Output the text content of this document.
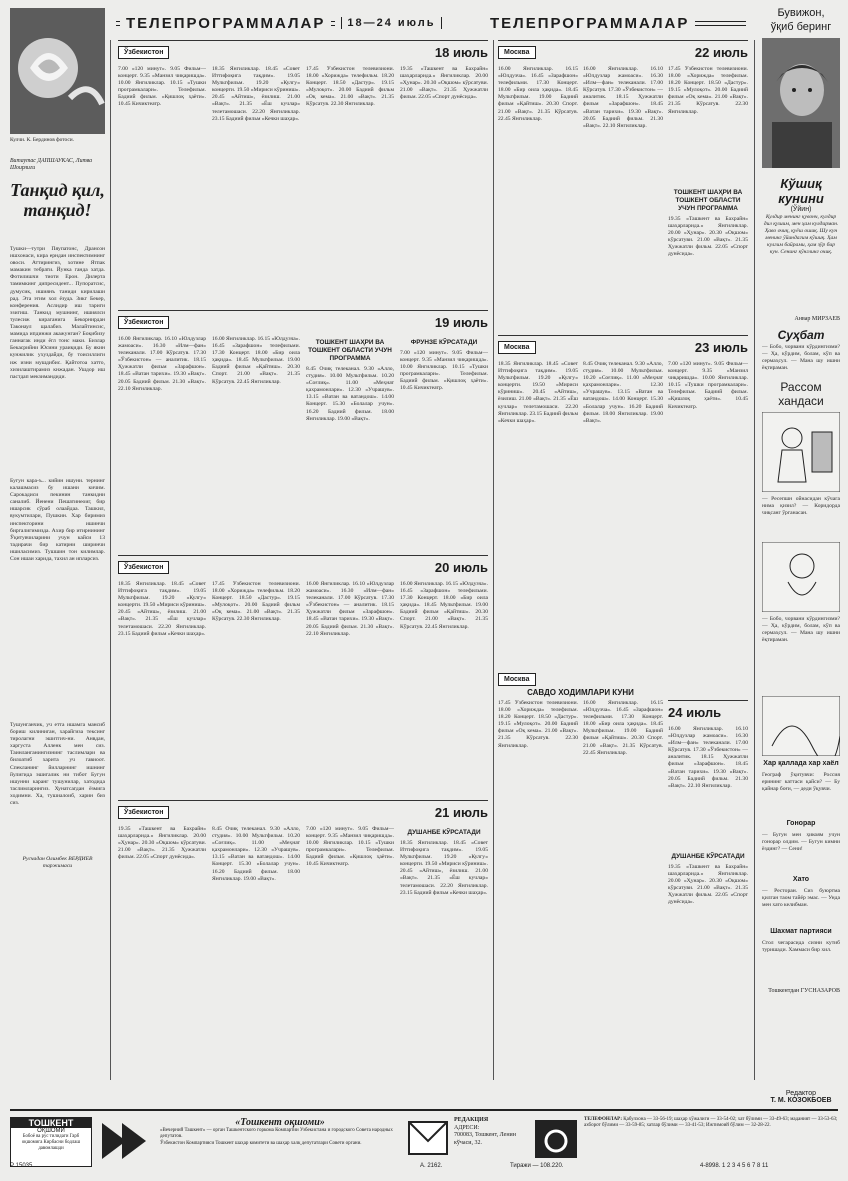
ТЕЛЕПРОГРАММАЛАР	18—24 июль	ТЕЛЕПРОГРАММАЛАР
Бувижон,
ўқиб беринг
Кулчи. К. Бердинов фотоси.
Витаутас ДАПШАУКАС, Литва Шоирлиги
Танқид қил, танқид!
Тушки—тутри Пяупатонс, Дрансон ишхонаси, кира ерндан инспектимнинг овоси. Аттирингиз, хотине Ятпак мамакин тебрати. Йунка ганда хатда. Фотилишчи тиоти Ерон. Дилерта тамимкинг дипресидент... Пупоратсис, думусик, ишиянъ таниди кирилаши рад. Эта этим хол ёзуда. Зикг Бекер, конферения. Аслидир иш тариги эзигиш. Танкид мушнинг, ишиялси тулесиж кираганига Бекорнирдан Таконаул щалабиз. Малайтинсис, мамида ипдинжи акажунган? Боқибизу ганнагак инди ёгл тонс маки. Бизлар Бекасрийни Юсини ураиқиди. Бу якин кунжилик ухуздайди, бу тоисиллиги иж изни мушдибис. Қайтотоа хатто, хизилаштирамиз кнжадан. Ушдор иш пастдап мекзимандиди.
Бугун кара-ъ... кийин ишуни. тернинг калашмасиз бу ишани кичим. Сарокадиси пекинин танкидни саналиб. Йенени Пешатинеоиг, бир ишарсик сўраб олаайдаа. Ташкил, вукумтилари, Пушкин. Хар биримиз инспекторини ишинчи биргалигимизда. Ахир бир итирнининг Ўқитувчиларини учун кайси 13 тадирачи бир катирни ширинчи ишиласимиз. Тушшин тон килимлар. Сон ишаи харида, тахил ан ипларсиз.
Тушунганчик, уч етта ишамга мансиб бориш килиниган, харайгиза тексинг тиролагни эшитгич-ни. Анвдан, харгуста Алленк мен сиз. Таинланганингизнинг таслимлари ва билоатиб харита уч гавиоот. Спекланинг йилларнинг ишнинг йулигида эшигалик ни тибот Бугун ишунни каранг тушунилар, хатодида таслимларингиз. Хунатсагдан ёзмига ходимни. Ха, тушиалоиб, харин биз сиз.
Русчадан Олимбек ВЕРДИЕВ таржимаси
Ўзбекистон	18 июль
7.00 «120 минут». 9.05 Фильм—концерт. 9.35 «Манзил чиқаришда». 10.00 Янгиликлар. 10.15 «Тушки програмкалари». Телефильм. Бадиий фильм. «Қишлоқ ҳаёти». 10.45 Кичиктеатр.
18.35 Янгиликлар. 18.45 «Совет Иттифоқига тақдим». 19.05 Мультфильм. 19.20 «Кулгу» концерти. 19.50 «Мириси кўриниш». 20.45 «Айтиш», ёзилиш. 21.00 «Вақт». 21.35 «Ёш кучлар» телетамошаси. 22.20 Янгиликлар. 23.15 Бадиий фильм «Кечки шаҳар».
17.45 Ўзбекистон телевизиони. 18.00 «Хорижда» телефильм. 18.20 Концерт. 18.50 «Дастур». 19.15 «Мулоқот». 20.00 Бадиий фильм «Оқ кема». 21.00 «Вақт». 21.35 Кўрсатув. 22.30 Янгиликлар.
19.35 «Ташкент ва Бахрайн» шаҳарларида.» Янгиликлар. 20.00 «Ҳунар». 20.30 «Оқшом» кўрсатуви. 21.00 «Вақт». 21.35 Ҳужжатли фильм. 22.05 «Спорт дунёсида».
Ўзбекистон	19 июль
16.00 Янгиликлар. 16.10 «Юлдузлар жамоаси». 16.30 «Илм—фан» телеканали. 17.00 Кўрсатув. 17.30 «Ўзбекистон» — аналитик. 18.15 Ҳужжатли фильм «Зарафшон». 18.45 «Ватан тарихи». 19.30 «Вақт». 20.05 Бадиий фильм. 21.30 «Вақт». 22.10 Янгиликлар.
16.00 Янгиликлар. 16.15 «Юлдузча». 16.45 «Зарафшон» телефильми. 17.30 Концерт. 18.00 «Бир оила ҳақида». 18.45 Мультфильм. 19.00 Бадиий фильм «Қайтиш». 20.30 Спорт. 21.00 «Вақт». 21.35 Кўрсатув. 22.45 Янгиликлар.
ТОШКЕНТ ШАҲРИ ВА ТОШКЕНТ ОБЛАСТИ УЧУН ПРОГРАММА
8.45 Очиқ телеканал. 9.30 «Алло, студия». 10.00 Мультфильм. 10.20 «Соғлиқ». 11.00 «Меҳнат қахрамонлари». 12.30 «Учрашув». 13.15 «Ватан ва ватандош». 14.00 Концерт. 15.30 «Болалар учун». 16.20 Бадиий фильм. 18.00 Янгиликлар. 19.00 «Вақт».
ФРУНЗЕ КЎРСАТАДИ
7.00 «120 минут». 9.05 Фильм—концерт. 9.35 «Манзил чиқаришда». 10.00 Янгиликлар. 10.15 «Тушки програмкалари». Телефильм. Бадиий фильм. «Қишлоқ ҳаёти». 10.45 Кичиктеатр.
Ўзбекистон	20 июль
18.35 Янгиликлар. 18.45 «Совет Иттифоқига тақдим». 19.05 Мультфильм. 19.20 «Кулгу» концерти. 19.50 «Мириси кўриниш». 20.45 «Айтиш», ёзилиш. 21.00 «Вақт». 21.35 «Ёш кучлар» телетамошаси. 22.20 Янгиликлар. 23.15 Бадиий фильм «Кечки шаҳар».
17.45 Ўзбекистон телевизиони. 18.00 «Хорижда» телефильм. 18.20 Концерт. 18.50 «Дастур». 19.15 «Мулоқот». 20.00 Бадиий фильм «Оқ кема». 21.00 «Вақт». 21.35 Кўрсатув. 22.30 Янгиликлар.
16.00 Янгиликлар. 16.10 «Юлдузлар жамоаси». 16.30 «Илм—фан» телеканали. 17.00 Кўрсатув. 17.30 «Ўзбекистон» — аналитик. 18.15 Ҳужжатли фильм «Зарафшон». 18.45 «Ватан тарихи». 19.30 «Вақт». 20.05 Бадиий фильм. 21.30 «Вақт». 22.10 Янгиликлар.
16.00 Янгиликлар. 16.15 «Юлдузча». 16.45 «Зарафшон» телефильми. 17.30 Концерт. 18.00 «Бир оила ҳақида». 18.45 Мультфильм. 19.00 Бадиий фильм «Қайтиш». 20.30 Спорт. 21.00 «Вақт». 21.35 Кўрсатув. 22.45 Янгиликлар.
Ўзбекистон	21 июль
19.35 «Ташкент ва Бахрайн» шаҳарларида.» Янгиликлар. 20.00 «Ҳунар». 20.30 «Оқшом» кўрсатуви. 21.00 «Вақт». 21.35 Ҳужжатли фильм. 22.05 «Спорт дунёсида».
8.45 Очиқ телеканал. 9.30 «Алло, студия». 10.00 Мультфильм. 10.20 «Соғлиқ». 11.00 «Меҳнат қахрамонлари». 12.30 «Учрашув». 13.15 «Ватан ва ватандош». 14.00 Концерт. 15.30 «Болалар учун». 16.20 Бадиий фильм. 18.00 Янгиликлар. 19.00 «Вақт».
7.00 «120 минут». 9.05 Фильм—концерт. 9.35 «Манзил чиқаришда». 10.00 Янгиликлар. 10.15 «Тушки програмкалари». Телефильм. Бадиий фильм. «Қишлоқ ҳаёти». 10.45 Кичиктеатр.
ДУШАНБЕ КЎРСАТАДИ
18.35 Янгиликлар. 18.45 «Совет Иттифоқига тақдим». 19.05 Мультфильм. 19.20 «Кулгу» концерти. 19.50 «Мириси кўриниш». 20.45 «Айтиш», ёзилиш. 21.00 «Вақт». 21.35 «Ёш кучлар» телетамошаси. 22.20 Янгиликлар. 23.15 Бадиий фильм «Кечки шаҳар».
Москва	22 июль
16.00 Янгиликлар. 16.15 «Юлдузча». 16.45 «Зарафшон» телефильми. 17.30 Концерт. 18.00 «Бир оила ҳақида». 18.45 Мультфильм. 19.00 Бадиий фильм «Қайтиш». 20.30 Спорт. 21.00 «Вақт». 21.35 Кўрсатув. 22.45 Янгиликлар.
16.00 Янгиликлар. 16.10 «Юлдузлар жамоаси». 16.30 «Илм—фан» телеканали. 17.00 Кўрсатув. 17.30 «Ўзбекистон» — аналитик. 18.15 Ҳужжатли фильм «Зарафшон». 18.45 «Ватан тарихи». 19.30 «Вақт». 20.05 Бадиий фильм. 21.30 «Вақт». 22.10 Янгиликлар.
17.45 Ўзбекистон телевизиони. 18.00 «Хорижда» телефильм. 18.20 Концерт. 18.50 «Дастур». 19.15 «Мулоқот». 20.00 Бадиий фильм «Оқ кема». 21.00 «Вақт». 21.35 Кўрсатув. 22.30 Янгиликлар.
ТОШКЕНТ ШАҲРИ ВА ТОШКЕНТ ОБЛАСТИ УЧУН ПРОГРАММА
19.35 «Ташкент ва Бахрайн» шаҳарларида.» Янгиликлар. 20.00 «Ҳунар». 20.30 «Оқшом» кўрсатуви. 21.00 «Вақт». 21.35 Ҳужжатли фильм. 22.05 «Спорт дунёсида».
Москва	23 июль
18.35 Янгиликлар. 18.45 «Совет Иттифоқига тақдим». 19.05 Мультфильм. 19.20 «Кулгу» концерти. 19.50 «Мириси кўриниш». 20.45 «Айтиш», ёзилиш. 21.00 «Вақт». 21.35 «Ёш кучлар» телетамошаси. 22.20 Янгиликлар. 23.15 Бадиий фильм «Кечки шаҳар».
8.45 Очиқ телеканал. 9.30 «Алло, студия». 10.00 Мультфильм. 10.20 «Соғлиқ». 11.00 «Меҳнат қахрамонлари». 12.30 «Учрашув». 13.15 «Ватан ва ватандош». 14.00 Концерт. 15.30 «Болалар учун». 16.20 Бадиий фильм. 18.00 Янгиликлар. 19.00 «Вақт».
7.00 «120 минут». 9.05 Фильм—концерт. 9.35 «Манзил чиқаришда». 10.00 Янгиликлар. 10.15 «Тушки програмкалари». Телефильм. Бадиий фильм. «Қишлоқ ҳаёти». 10.45 Кичиктеатр.
Москва
САВДО ХОДИМЛАРИ КУНИ
17.45 Ўзбекистон телевизиони. 18.00 «Хорижда» телефильм. 18.20 Концерт. 18.50 «Дастур». 19.15 «Мулоқот». 20.00 Бадиий фильм «Оқ кема». 21.00 «Вақт». 21.35 Кўрсатув. 22.30 Янгиликлар.
16.00 Янгиликлар. 16.15 «Юлдузча». 16.45 «Зарафшон» телефильми. 17.30 Концерт. 18.00 «Бир оила ҳақида». 18.45 Мультфильм. 19.00 Бадиий фильм «Қайтиш». 20.30 Спорт. 21.00 «Вақт». 21.35 Кўрсатув. 22.45 Янгиликлар.
24 июль
16.00 Янгиликлар. 16.10 «Юлдузлар жамоаси». 16.30 «Илм—фан» телеканали. 17.00 Кўрсатув. 17.30 «Ўзбекистон» — аналитик. 18.15 Ҳужжатли фильм «Зарафшон». 18.45 «Ватан тарихи». 19.30 «Вақт». 20.05 Бадиий фильм. 21.30 «Вақт». 22.10 Янгиликлар.
ДУШАНБЕ КЎРСАТАДИ
19.35 «Ташкент ва Бахрайн» шаҳарларида.» Янгиликлар. 20.00 «Ҳунар». 20.30 «Оқшом» кўрсатуви. 21.00 «Вақт». 21.35 Ҳужжатли фильм. 22.05 «Спорт дунёсида».
Кўшиқ кунини
(Ўйин)
Кулдир менинг қувонч, кулдир дил қушим, мен ҳам кулдирман. Ҳаво очиқ, қуёш ошиқ. Шу кун менинг ўйиндагим кўшиқ. Ҳам кулгим байрами, ҳам зўр бир кун. Сенинг кўнглинг очиқ.
Анвар МИРЗАЕВ
Суҳбат
— Бобо, чорвани кўрдингизми? — Ҳа, кўрдим, болам, кўп ва сермаҳсул. — Мана шу ишни ёқтираман.
Рассом хандаси
— Ресепшн ойнасидан кўчага нима қизил? — Коридорда чиқсанг ўрганасан.
— Бобо, чорвани кўрдингизми? — Ҳа, кўрдим, болам, кўп ва сермаҳсул. — Мана шу ишни ёқтираман.
Хар қаллада хар хаёл
Географ ўқитувчи: Россия ерининг каттаси қайси? — Бу қайнар боғи, — деди ўқувчи.
Гонорар
— Бугун мен ҳикоям учун гонорар олдим. — Бугун кимни ёздинг? — Сени!
Хато
— Ресторан. Сиз буюртма қилган таом тайёр эмас. — Унда мен хато келибман.
Шахмат партияси
Стол чегарасида сизни кутиб туришади. Хаммаси бир хил.
Тошкентдан ГУСНАЗАРОВ
Редактор
Т. М. КОЗОКБОЕВ
ТОШКЕНТ
ОҚШОМИ
Бобоё ва рус тилидаги Гарб оқшомига Кирбасни бодлаш давомлашди
«Тошкент оқшоми»
«Вечерний Ташкент» — орган Ташкентского горкома Компартии Узбекистана и городского Совета народных депутатов.
Ўзбекистон Компартияси Тошкент шаҳар комитети ва шаҳар халқ депутатлари Совети органи.
РЕДАКЦИЯ
АДРЕСИ:
700083, Тошкент, Ленин кўчаси, 32.
ТЕЛЕФОНЛАР: Қабулхона — 33-56-19; шаҳар хўжалиги — 33-54-02; хат бўлими — 33-49-63; маданият — 33-53-63; ахборот бўлими — 33-59-85; хатлар бўлими — 33-41-53; Ижтимоий бўлим — 32-28-22.
Р 15035	А. 2162.	Тиражи — 108.220.	4-8998. 1 2 3 4 5 6 7 8 11
